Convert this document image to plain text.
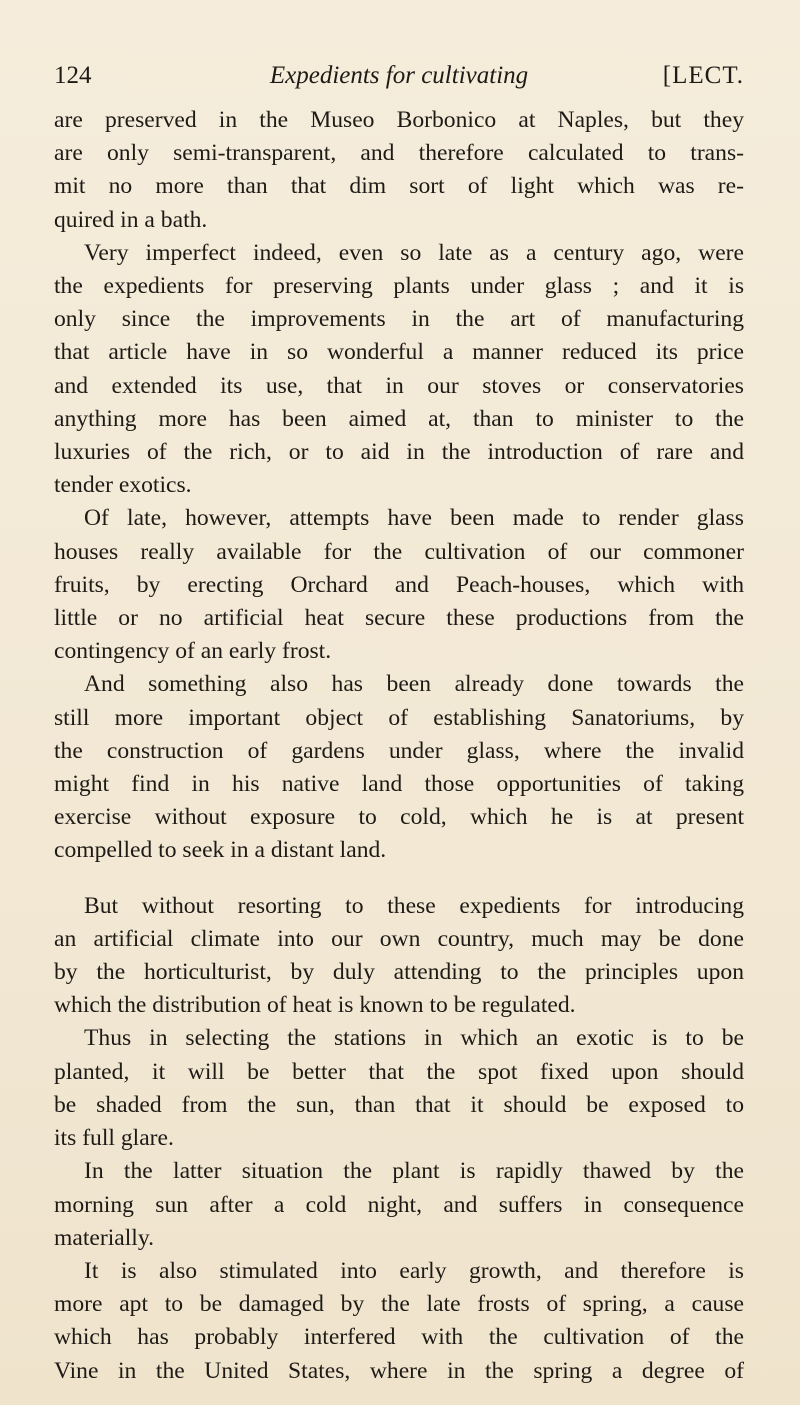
124	Expedients for cultivating	[LECT.

are preserved in the Museo Borbonico at Naples, but they
are only semi-transparent, and therefore calculated to trans-
mit no more than that dim sort of light which was re-
quired in a bath.

Very imperfect indeed, even so late as a century ago, were
the expedients for preserving plants under glass ; and it is
only since the improvements in the art of manufacturing
that article have in so wonderful a manner reduced its price
and extended its use, that in our stoves or conservatories
anything more has been aimed at, than to minister to the
luxuries of the rich, or to aid in the introduction of rare and
tender exotics.

Of late, however, attempts have been made to render glass
houses really available for the cultivation of our commoner
fruits, by erecting Orchard and Peach-houses, which with
little or no artificial heat secure these productions from the
contingency of an early frost.

And something also has been already done towards the
still more important object of establishing Sanatoriums, by
the construction of gardens under glass, where the invalid
might find in his native land those opportunities of taking
exercise without exposure to cold, which he is at present
compelled to seek in a distant land.

But without resorting to these expedients for introducing
an artificial climate into our own country, much may be done
by the horticulturist, by duly attending to the principles upon
which the distribution of heat is known to be regulated.

Thus in selecting the stations in which an exotic is to be
planted, it will be better that the spot fixed upon should
be shaded from the sun, than that it should be exposed to
its full glare.

In the latter situation the plant is rapidly thawed by the
morning sun after a cold night, and suffers in consequence
materially.

It is also stimulated into early growth, and therefore is
more apt to be damaged by the late frosts of spring, a cause
which has probably interfered with the cultivation of the
Vine in the United States, where in the spring a degree of
